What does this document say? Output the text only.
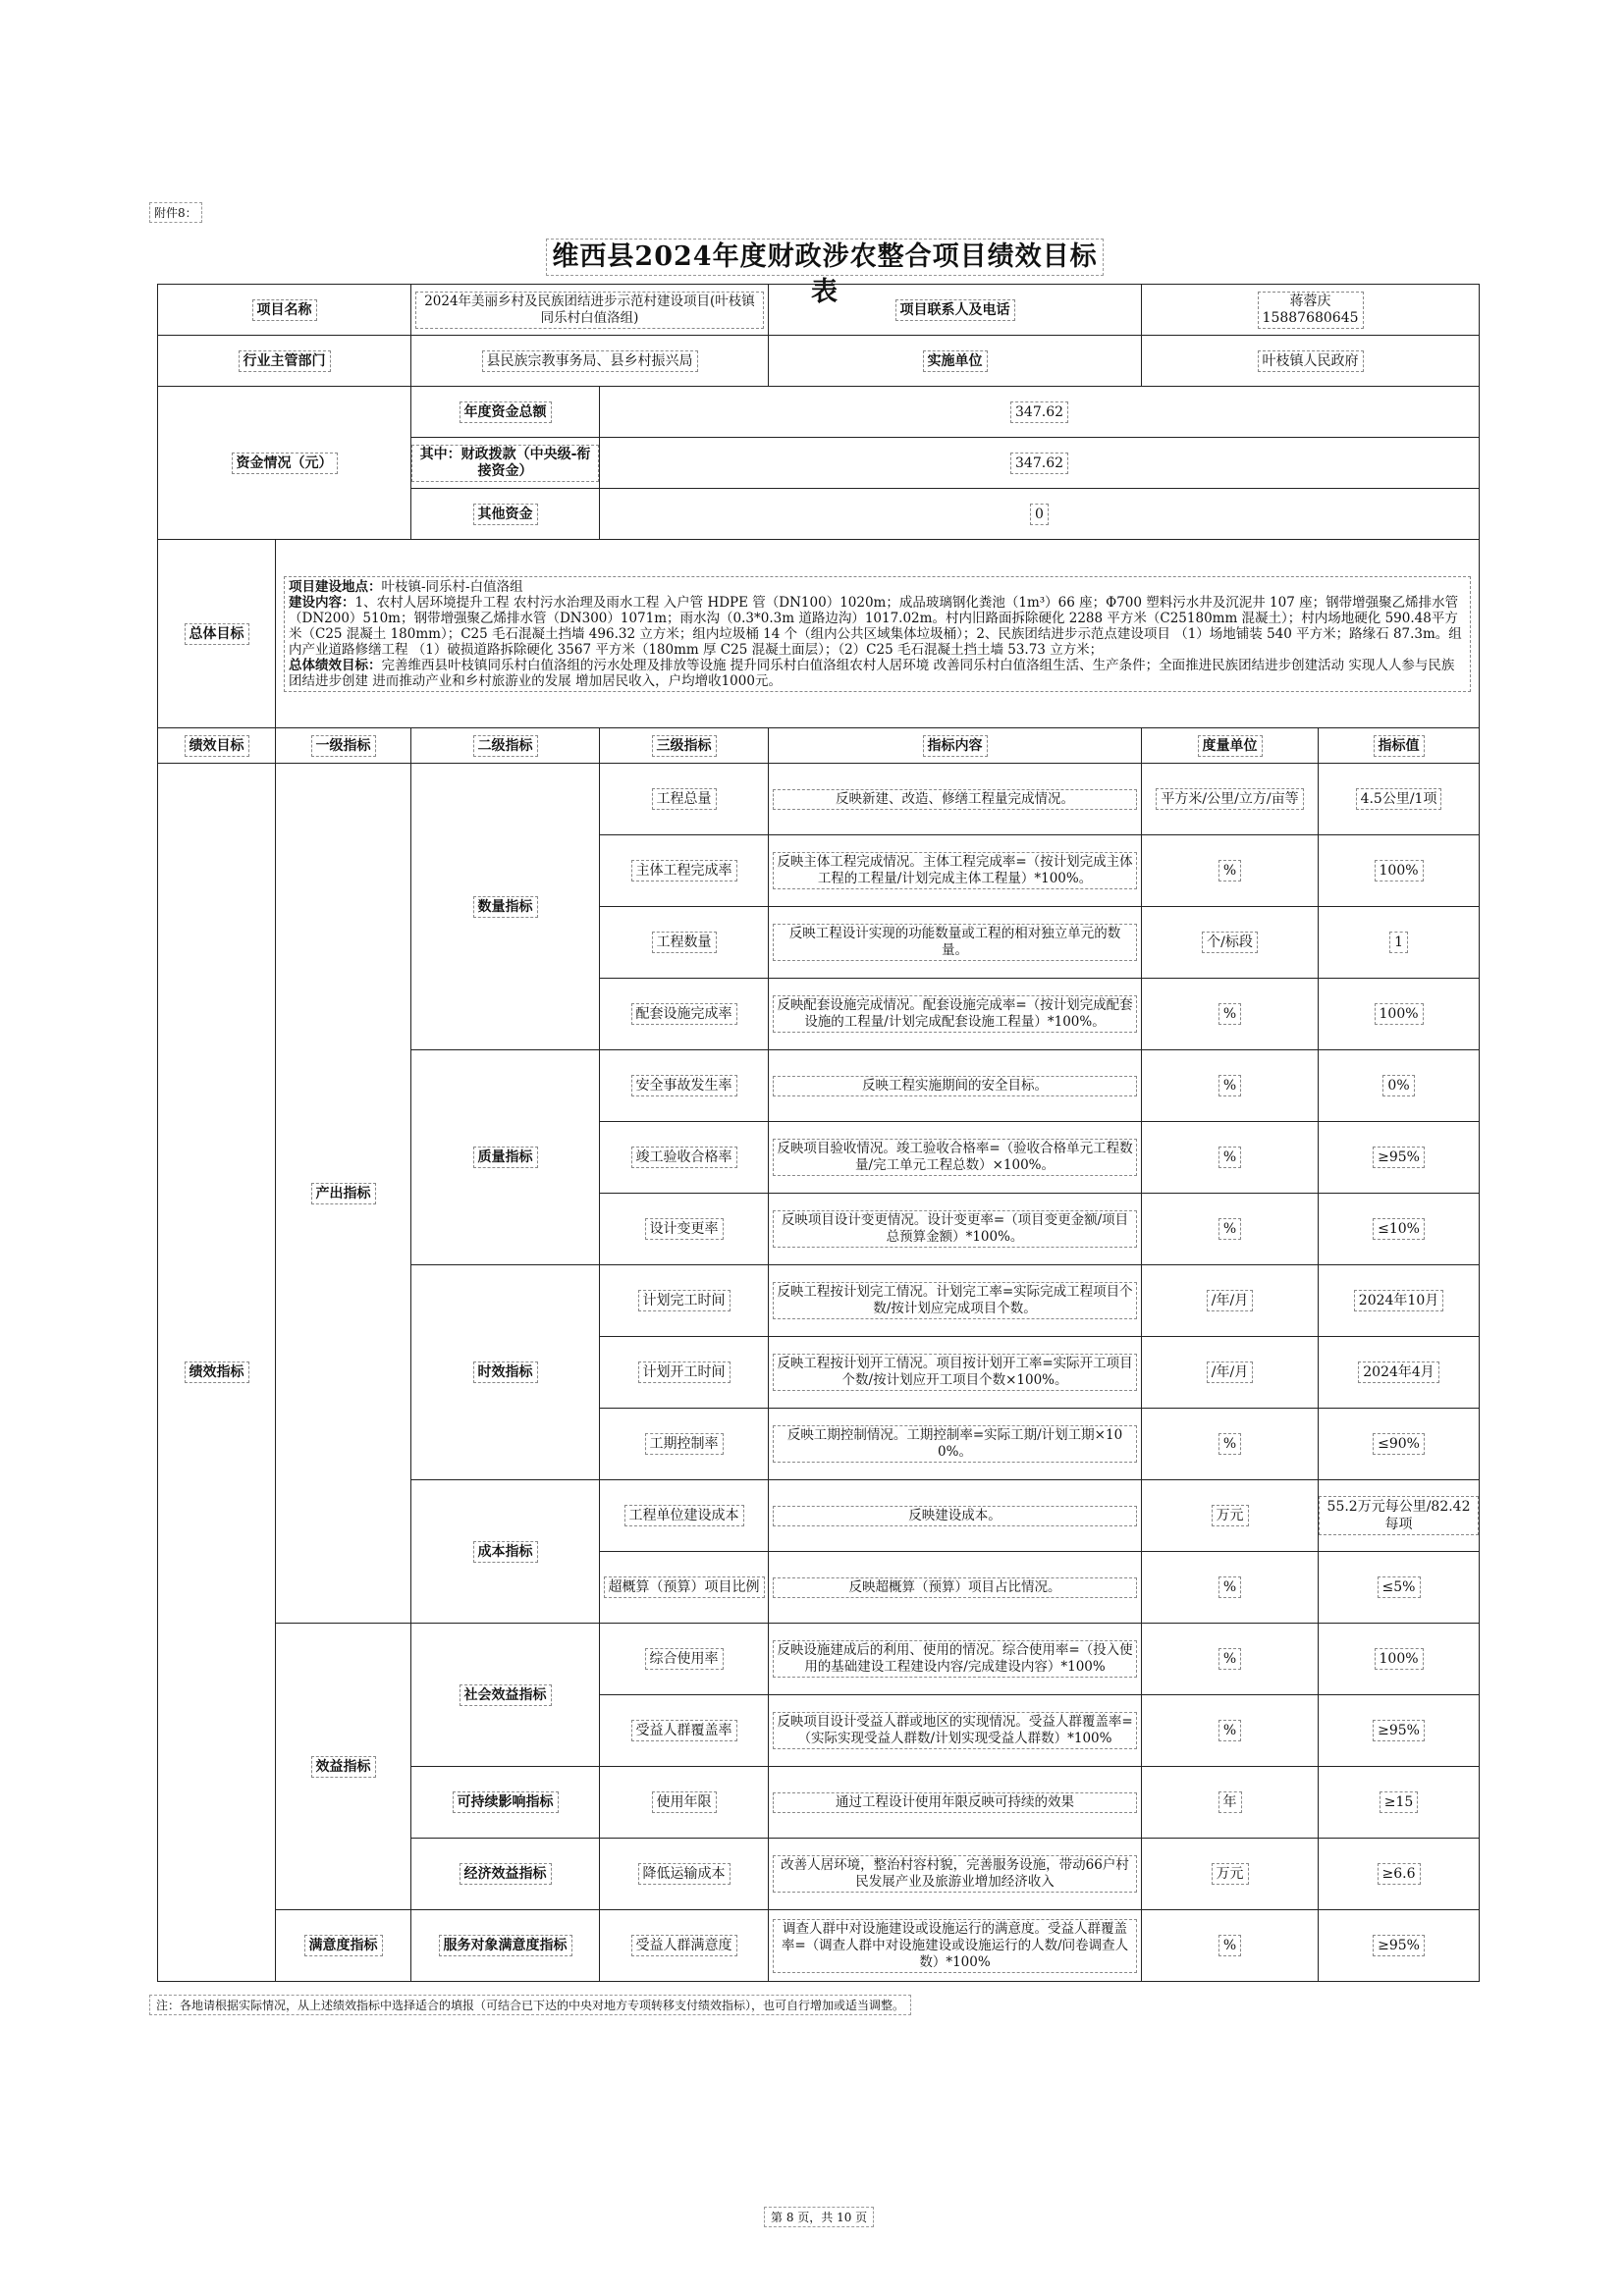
附件8：
维西县2024年度财政涉农整合项目绩效目标表
项目名称		2024年美丽乡村及民族团结进步示范村建设项目(叶枝镇同乐村白值洛组)		项目联系人及电话	蒋蓉庆
15887680645	
行业主管部门		县民族宗教事务局、县乡村振兴局		实施单位	叶枝镇人民政府	
资金情况（元）		年度资金总额	347.62			
		其中：财政拨款（中央级-衔接资金）	347.62			
		其他资金	0			
总体目标	项目建设地点：叶枝镇-同乐村-白值洛组
建设内容：1、农村人居环境提升工程 农村污水治理及雨水工程 入户管 HDPE 管（DN100）1020m；成品玻璃钢化粪池（1m³）66 座；Φ700 塑料污水井及沉泥井 107 座；钢带增强聚乙烯排水管（DN200）510m；钢带增强聚乙烯排水管（DN300）1071m；雨水沟（0.3*0.3m 道路边沟）1017.02m。村内旧路面拆除硬化 2288 平方米（C25180mm 混凝土）；村内场地硬化 590.48平方米（C25 混凝土 180mm）；C25 毛石混凝土挡墙 496.32 立方米；组内垃圾桶 14 个（组内公共区域集体垃圾桶）；2、民族团结进步示范点建设项目 （1）场地铺装 540 平方米；路缘石 87.3m。组内产业道路修缮工程 （1）破损道路拆除硬化 3567 平方米（180mm 厚 C25 混凝土面层）；（2）C25 毛石混凝土挡土墙 53.73 立方米；
总体绩效目标：完善维西县叶枝镇同乐村白值洛组的污水处理及排放等设施 提升同乐村白值洛组农村人居环境 改善同乐村白值洛组生活、生产条件；全面推进民族团结进步创建活动 实现人人参与民族团结进步创建 进而推动产业和乡村旅游业的发展 增加居民收入，户均增收1000元。					

绩效目标	一级指标	二级指标	三级指标	指标内容	度量单位	指标值
绩效指标	产出指标	数量指标	工程总量	反映新建、改造、修缮工程量完成情况。	平方米/公里/立方/亩等	4.5公里/1项
			主体工程完成率	反映主体工程完成情况。主体工程完成率=（按计划完成主体工程的工程量/计划完成主体工程量）*100%。	%	100%
			工程数量	反映工程设计实现的功能数量或工程的相对独立单元的数量。	个/标段	1
			配套设施完成率	反映配套设施完成情况。配套设施完成率=（按计划完成配套设施的工程量/计划完成配套设施工程量）*100%。	%	100%
		质量指标	安全事故发生率	反映工程实施期间的安全目标。	%	0%
			竣工验收合格率	反映项目验收情况。竣工验收合格率=（验收合格单元工程数量/完工单元工程总数）×100%。	%	≥95%
			设计变更率	反映项目设计变更情况。设计变更率=（项目变更金额/项目总预算金额）*100%。	%	≤10%
		时效指标	计划完工时间	反映工程按计划完工情况。计划完工率=实际完成工程项目个数/按计划应完成项目个数。	/年/月	2024年10月
			计划开工时间	反映工程按计划开工情况。项目按计划开工率=实际开工项目个数/按计划应开工项目个数×100%。	/年/月	2024年4月
			工期控制率	反映工期控制情况。工期控制率=实际工期/计划工期×100%。	%	≤90%
		成本指标	工程单位建设成本	反映建设成本。	万元	55.2万元每公里/82.42每项
			超概算（预算）项目比例	反映超概算（预算）项目占比情况。	%	≤5%
	效益指标	社会效益指标	综合使用率	反映设施建成后的利用、使用的情况。综合使用率=（投入使用的基础建设工程建设内容/完成建设内容）*100%	%	100%
			受益人群覆盖率	反映项目设计受益人群或地区的实现情况。受益人群覆盖率=（实际实现受益人群数/计划实现受益人群数）*100%	%	≥95%
		可持续影响指标	使用年限	通过工程设计使用年限反映可持续的效果	年	≥15
		经济效益指标	降低运输成本	改善人居环境，整治村容村貌，完善服务设施，带动66户村民发展产业及旅游业增加经济收入	万元	≥6.6
	满意度指标	服务对象满意度指标	受益人群满意度	调查人群中对设施建设或设施运行的满意度。受益人群覆盖率=（调查人群中对设施建设或设施运行的人数/问卷调查人数）*100%	%	≥95%
注：各地请根据实际情况，从上述绩效指标中选择适合的填报（可结合已下达的中央对地方专项转移支付绩效指标），也可自行增加或适当调整。
第 8 页，共 10 页
